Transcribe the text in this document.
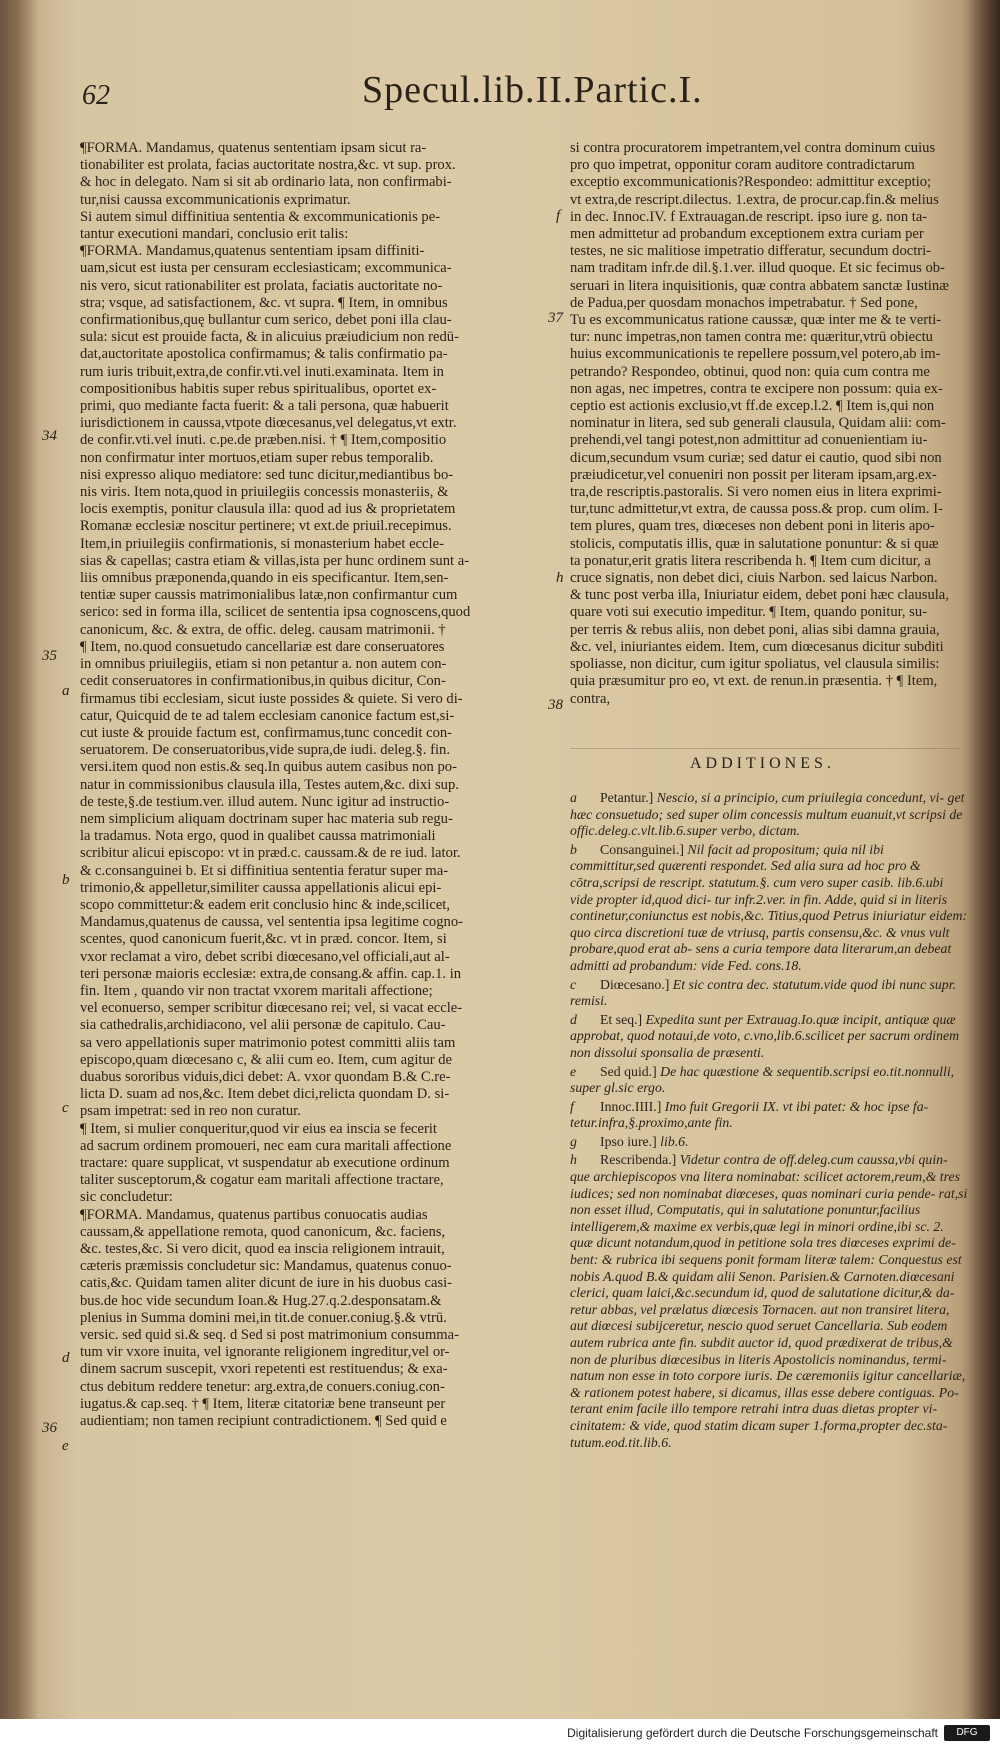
62	Specul.lib.II.Partic.I.
¶FORMA. Mandamus, quatenus sententiam ipsam sicut ra-
tionabiliter est prolata, facias auctoritate nostra,&c. vt sup. prox.
& hoc in delegato. Nam si sit ab ordinario lata, non confirmabi-
tur,nisi caussa excommunicationis exprimatur.
Si autem simul diffinitiua sententia & excommunicationis pe-
tantur executioni mandari, conclusio erit talis:
¶FORMA. Mandamus,quatenus sententiam ipsam diffiniti-
uam,sicut est iusta per censuram ecclesiasticam; excommunica-
nis vero, sicut rationabiliter est prolata, faciatis auctoritate no-
stra; vsque, ad satisfactionem, &c. vt supra. ¶ Item, in omnibus
confirmationibus,quę bullantur cum serico, debet poni illa clau-
sula: sicut est prouide facta, & in alicuius præiudicium non redū-
dat,auctoritate apostolica confirmamus; & talis confirmatio pa-
rum iuris tribuit,extra,de confir.vti.vel inuti.examinata. Item in
compositionibus habitis super rebus spiritualibus, oportet ex-
primi, quo mediante facta fuerit: & a tali persona, quæ habuerit
iurisdictionem in caussa,vtpote diœcesanus,vel delegatus,vt extr.
de confir.vti.vel inuti. c.pe.de præben.nisi. † ¶ Item,compositio
non confirmatur inter mortuos,etiam super rebus temporalib.
nisi expresso aliquo mediatore: sed tunc dicitur,mediantibus bo-
nis viris. Item nota,quod in priuilegiis concessis monasteriis, &
locis exemptis, ponitur clausula illa: quod ad ius & proprietatem
Romanæ ecclesiæ noscitur pertinere; vt ext.de priuil.recepimus.
Item,in priuilegiis confirmationis, si monasterium habet eccle-
sias & capellas; castra etiam & villas,ista per hunc ordinem sunt a-
liis omnibus præponenda,quando in eis specificantur. Item,sen-
tentiæ super caussis matrimonialibus latæ,non confirmantur cum
serico: sed in forma illa, scilicet de sententia ipsa cognoscens,quod
canonicum, &c. & extra, de offic. deleg. causam matrimonii. †
¶ Item, no.quod consuetudo cancellariæ est dare conseruatores
in omnibus priuilegiis, etiam si non petantur a. non autem con-
cedit conseruatores in confirmationibus,in quibus dicitur, Con-
firmamus tibi ecclesiam, sicut iuste possides & quiete. Si vero di-
catur, Quicquid de te ad talem ecclesiam canonice factum est,si-
cut iuste & prouide factum est, confirmamus,tunc concedit con-
seruatorem. De conseruatoribus,vide supra,de iudi. deleg.§. fin.
versi.item quod non estis.& seq.In quibus autem casibus non po-
natur in commissionibus clausula illa, Testes autem,&c. dixi sup.
de teste,§.de testium.ver. illud autem. Nunc igitur ad instructio-
nem simplicium aliquam doctrinam super hac materia sub regu-
la tradamus. Nota ergo, quod in qualibet caussa matrimoniali
scribitur alicui episcopo: vt in præd.c. caussam.& de re iud. lator.
& c.consanguinei b. Et si diffinitiua sententia feratur super ma-
trimonio,& appelletur,similiter caussa appellationis alicui epi-
scopo committetur:& eadem erit conclusio hinc & inde,scilicet,
Mandamus,quatenus de caussa, vel sententia ipsa legitime cogno-
scentes, quod canonicum fuerit,&c. vt in præd. concor. Item, si
vxor reclamat a viro, debet scribi diœcesano,vel officiali,aut al-
teri personæ maioris ecclesiæ: extra,de consang.& affin. cap.1. in
fin. Item , quando vir non tractat vxorem maritali affectione;
vel econuerso, semper scribitur diœcesano rei; vel, si vacat eccle-
sia cathedralis,archidiacono, vel alii personæ de capitulo. Cau-
sa vero appellationis super matrimonio potest committi aliis tam
episcopo,quam diœcesano c, & alii cum eo. Item, cum agitur de
duabus sororibus viduis,dici debet: A. vxor quondam B.& C.re-
licta D. suam ad nos,&c. Item debet dici,relicta quondam D. si-
psam impetrat: sed in reo non curatur.
¶ Item, si mulier conqueritur,quod vir eius ea inscia se fecerit
ad sacrum ordinem promoueri, nec eam cura maritali affectione
tractare: quare supplicat, vt suspendatur ab executione ordinum
taliter susceptorum,& cogatur eam maritali affectione tractare,
sic concludetur:
¶FORMA. Mandamus, quatenus partibus conuocatis audias
caussam,& appellatione remota, quod canonicum, &c. faciens,
&c. testes,&c. Si vero dicit, quod ea inscia religionem intrauit,
cæteris præmissis concludetur sic: Mandamus, quatenus conuo-
catis,&c. Quidam tamen aliter dicunt de iure in his duobus casi-
bus.de hoc vide secundum Ioan.& Hug.27.q.2.desponsatam.&
plenius in Summa domini mei,in tit.de conuer.coniug.§.& vtrū.
versic. sed quid si.& seq. d Sed si post matrimonium consumma-
tum vir vxore inuita, vel ignorante religionem ingreditur,vel or-
dinem sacrum suscepit, vxori repetenti est restituendus; & exa-
ctus debitum reddere tenetur: arg.extra,de conuers.coniug.con-
iugatus.& cap.seq. † ¶ Item, literæ citatoriæ bene transeunt per
audientiam; non tamen recipiunt contradictionem. ¶ Sed quid e
si contra procuratorem impetrantem,vel contra dominum cuius
pro quo impetrat, opponitur coram auditore contradictarum
exceptio excommunicationis?Respondeo: admittitur exceptio;
vt extra,de rescript.dilectus. 1.extra, de procur.cap.fin.& melius
in dec. Innoc.IV. f Extrauagan.de rescript. ipso iure g. non ta-
men admittetur ad probandum exceptionem extra curiam per
testes, ne sic malitiose impetratio differatur, secundum doctri-
nam traditam infr.de dil.§.1.ver. illud quoque. Et sic fecimus ob-
seruari in litera inquisitionis, quæ contra abbatem sanctæ Iustinæ
de Padua,per quosdam monachos impetrabatur. † Sed pone,
Tu es excommunicatus ratione caussæ, quæ inter me & te verti-
tur: nunc impetras,non tamen contra me: quæritur,vtrū obiectu
huius excommunicationis te repellere possum,vel potero,ab im-
petrando? Respondeo, obtinui, quod non: quia cum contra me
non agas, nec impetres, contra te excipere non possum: quia ex-
ceptio est actionis exclusio,vt ff.de excep.l.2. ¶ Item is,qui non
nominatur in litera, sed sub generali clausula, Quidam alii: com-
prehendi,vel tangi potest,non admittitur ad conuenientiam iu-
dicum,secundum vsum curiæ; sed datur ei cautio, quod sibi non
præiudicetur,vel conueniri non possit per literam ipsam,arg.ex-
tra,de rescriptis.pastoralis. Si vero nomen eius in litera exprimi-
tur,tunc admittetur,vt extra, de caussa poss.& prop. cum olim. I-
tem plures, quam tres, diœceses non debent poni in literis apo-
stolicis, computatis illis, quæ in salutatione ponuntur: & si quæ
ta ponatur,erit gratis litera rescribenda h. ¶ Item cum dicitur, a
cruce signatis, non debet dici, ciuis Narbon. sed laicus Narbon.
& tunc post verba illa, Iniuriatur eidem, debet poni hæc clausula,
quare voti sui executio impeditur. ¶ Item, quando ponitur, su-
per terris & rebus aliis, non debet poni, alias sibi damna grauia,
&c. vel, iniuriantes eidem. Item, cum diœcesanus dicitur subditi
spoliasse, non dicitur, cum igitur spoliatus, vel clausula similis:
quia præsumitur pro eo, vt ext. de renun.in præsentia. † ¶ Item,
contra,
34
35
a
b
c
d
36
e
f
37
h
38
ADDITIONES.
a Petantur.] Nescio, si a principio, cum priuilegia concedunt, vi- get hæc consuetudo; sed super olim concessis multum euanuit,vt scripsi de offic.deleg.c.vlt.lib.6.super verbo, dictam.
b Consanguinei.] Nil facit ad propositum; quia nil ibi committitur,sed quærenti respondet. Sed alia sura ad hoc pro & cōtra,scripsi de rescript. statutum.§. cum vero super casib. lib.6.ubi vide propter id,quod dici- tur infr.2.ver. in fin. Adde, quid si in literis continetur,coniunctus est nobis,&c. Titius,quod Petrus iniuriatur eidem: quo circa discretioni tuæ de vtriusq, partis consensu,&c. & vnus vult probare,quod erat ab- sens a curia tempore data literarum,an debeat admitti ad probandum: vide Fed. cons.18.
c Diœcesano.] Et sic contra dec. statutum.vide quod ibi nunc supr. remisi.
d Et seq.] Expedita sunt per Extrauag.Io.quæ incipit, antiquæ quæ approbat, quod notaui,de voto, c.vno,lib.6.scilicet per sacrum ordinem non dissolui sponsalia de præsenti.
e Sed quid.] De hac quæstione & sequentib.scripsi eo.tit.nonnulli, super gl.sic ergo.
f Innoc.IIII.] Imo fuit Gregorii IX. vt ibi patet: & hoc ipse fa- tetur.infra,§.proximo,ante fin.
g Ipso iure.] lib.6.
h Rescribenda.] Videtur contra de off.deleg.cum caussa,vbi quin- que archiepiscopos vna litera nominabat: scilicet actorem,reum,& tres iudices; sed non nominabat diœceses, quas nominari curia pende- rat,si non esset illud, Computatis, qui in salutatione ponuntur,facilius intelligerem,& maxime ex verbis,quæ legi in minori ordine,ibi sc. 2. quæ dicunt notandum,quod in petitione sola tres diœceses exprimi de- bent: & rubrica ibi sequens ponit formam literæ talem: Conquestus est nobis A.quod B.& quidam alii Senon. Parisien.& Carnoten.diœcesani clerici, quam laici,&c.secundum id, quod de salutatione dicitur,& da- retur abbas, vel prælatus diœcesis Tornacen. aut non transiret litera, aut diœcesi subijceretur, nescio quod seruet Cancellaria. Sub eodem autem rubrica ante fin. subdit auctor id, quod prædixerat de tribus,& non de pluribus diœcesibus in literis Apostolicis nominandus, termi- natum non esse in toto corpore iuris. De cæremoniis igitur cancellariæ, & rationem potest habere, si dicamus, illas esse debere contiguas. Po- terant enim facile illo tempore retrahi intra duas dietas propter vi- cinitatem: & vide, quod statim dicam super 1.forma,propter dec.sta- tutum.eod.tit.lib.6.
Digitalisierung gefördert durch die Deutsche Forschungsgemeinschaft	DFG
